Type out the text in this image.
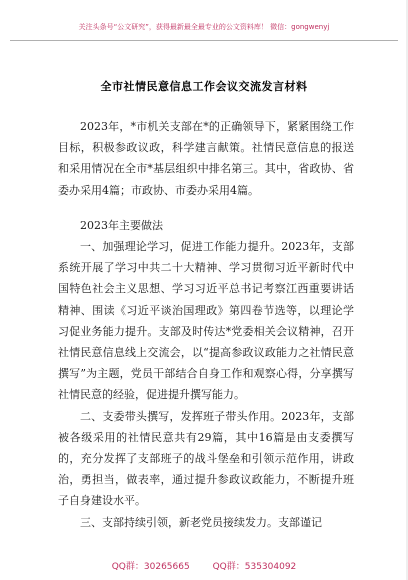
关注头条号“公文研究”，获得最新最全最专业的公文资料库！ 微信：gongwenyj
全市社情民意信息工作会议交流发言材料

2023年，*市机关支部在*的正确领导下，紧紧围绕工作目标，积极参政议政，科学建言献策。社情民意信息的报送和采用情况在全市*基层组织中排名第三。其中，省政协、省委办采用4篇；市政协、市委办采用4篇。

2023年主要做法

一、加强理论学习，促进工作能力提升。2023年，支部系统开展了学习中共二十大精神、学习贯彻习近平新时代中国特色社会主义思想、学习习近平总书记考察江西重要讲话精神、围读《习近平谈治国理政》第四卷节选等，以理论学习促业务能力提升。支部及时传达*党委相关会议精神，召开社情民意信息线上交流会，以“提高参政议政能力之社情民意撰写”为主题，党员干部结合自身工作和观察心得，分享撰写社情民意的经验，促进提升撰写能力。

二、支委带头撰写，发挥班子带头作用。2023年，支部被各级采用的社情民意共有29篇，其中16篇是由支委撰写的，充分发挥了支部班子的战斗堡垒和引领示范作用，讲政治，勇担当，做表率，通过提升参政议政能力，不断提升班子自身建设水平。

三、支部持续引领，新老党员接续发力。支部谨记

QQ群：30265665	QQ群：535304092
